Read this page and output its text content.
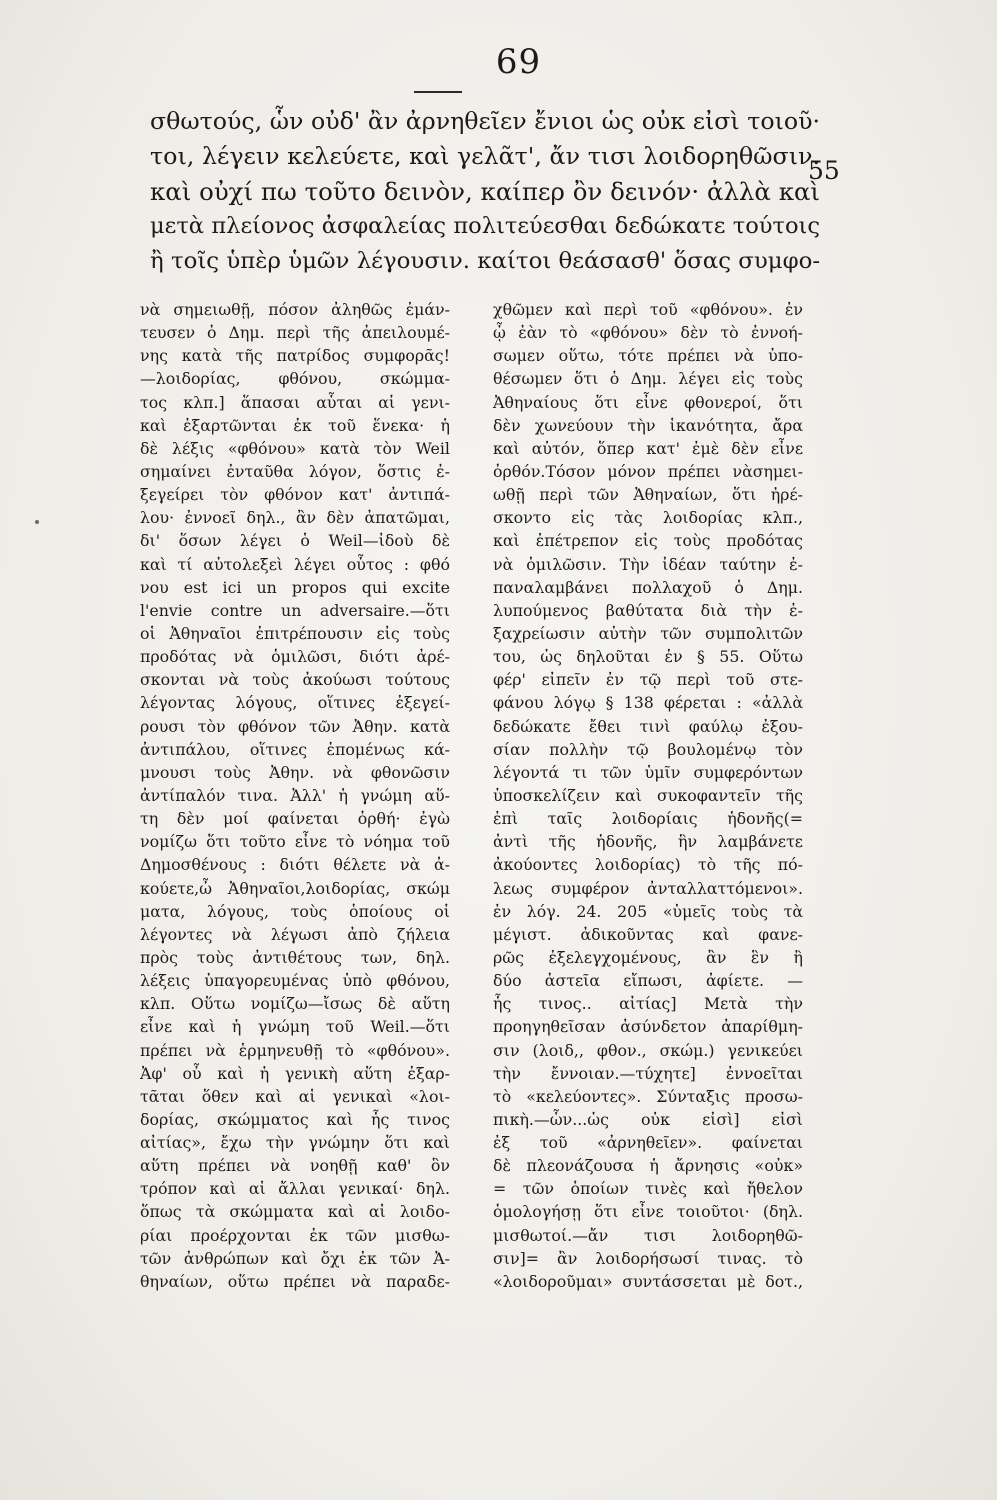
69
σθωτούς, ὧν οὐδ' ἂν ἀρνηθεῖεν ἔνιοι ὡς οὐκ εἰσὶ τοιοῦ·
τοι, λέγειν κελεύετε, καὶ γελᾶτ', ἄν τισι λοιδορηθῶσιν.
καὶ οὐχί πω τοῦτο δεινὸν, καίπερ ὂν δεινόν· ἀλλὰ καὶ
μετὰ πλείονος ἀσφαλείας πολιτεύεσθαι δεδώκατε τούτοις
ἢ τοῖς ὑπὲρ ὑμῶν λέγουσιν. καίτοι θεάσασθ' ὅσας συμφο-
55
νὰ σημειωθῇ, πόσον ἀληθῶς ἐμάν-
τευσεν ὁ Δημ. περὶ τῆς ἀπειλουμέ-
νης κατὰ τῆς πατρίδος συμφορᾶς!
—λοιδορίας, φθόνου, σκώμμα-
τος κλπ.] ἅπασαι αὗται αἱ γενι-
καὶ ἐξαρτῶνται ἐκ τοῦ ἕνεκα· ἡ
δὲ λέξις «φθόνου» κατὰ τὸν Weil
σημαίνει ἐνταῦθα λόγον, ὅστις ἐ-
ξεγείρει τὸν φθόνον κατ' ἀντιπά-
λου· ἐννοεῖ δηλ., ἂν δὲν ἀπατῶμαι,
δι' ὅσων λέγει ὁ Weil—ἰδοὺ δὲ
καὶ τί αὐτολεξεὶ λέγει οὗτος : φθό
νου est ici un propos qui excite
l'envie contre un adversaire.—ὅτι
οἱ Ἀθηναῖοι ἐπιτρέπουσιν εἰς τοὺς
προδότας νὰ ὁμιλῶσι, διότι ἀρέ-
σκονται νὰ τοὺς ἀκούωσι τούτους
λέγοντας λόγους, οἵτινες ἐξεγεί-
ρουσι τὸν φθόνον τῶν Ἀθην. κατὰ
ἀντιπάλου, οἵτινες ἑπομένως κά-
μνουσι τοὺς Ἀθην. νὰ φθονῶσιν
ἀντίπαλόν τινα. Ἀλλ' ἡ γνώμη αὕ-
τη δὲν μοί φαίνεται ὀρθή· ἐγὼ
νομίζω ὅτι τοῦτο εἶνε τὸ νόημα τοῦ
Δημοσθένους : διότι θέλετε νὰ ἀ-
κούετε,ὦ Ἀθηναῖοι,λοιδορίας, σκώμ
ματα, λόγους, τοὺς ὁποίους οἱ
λέγοντες νὰ λέγωσι ἀπὸ ζήλεια
πρὸς τοὺς ἀντιθέτους των, δηλ.
λέξεις ὑπαγορευμένας ὑπὸ φθόνου,
κλπ. Οὕτω νομίζω—ἴσως δὲ αὕτη
εἶνε καὶ ἡ γνώμη τοῦ Weil.—ὅτι
πρέπει νὰ ἑρμηνευθῇ τὸ «φθόνου».
Ἀφ' οὗ καὶ ἡ γενικὴ αὕτη ἐξαρ-
τᾶται ὅθεν καὶ αἱ γενικαὶ «λοι-
δορίας, σκώμματος καὶ ἧς τινος
αἰτίας», ἔχω τὴν γνώμην ὅτι καὶ
αὕτη πρέπει νὰ νοηθῇ καθ' ὃν
τρόπον καὶ αἱ ἄλλαι γενικαί· δηλ.
ὅπως τὰ σκώμματα καὶ αἱ λοιδο-
ρίαι προέρχονται ἐκ τῶν μισθω-
τῶν ἀνθρώπων καὶ ὄχι ἐκ τῶν Ἀ-
θηναίων, οὕτω πρέπει νὰ παραδε-
χθῶμεν καὶ περὶ τοῦ «φθόνου». ἐν
ᾧ ἐὰν τὸ «φθόνου» δὲν τὸ ἐννοή-
σωμεν οὕτω, τότε πρέπει νὰ ὑπο-
θέσωμεν ὅτι ὁ Δημ. λέγει εἰς τοὺς
Ἀθηναίους ὅτι εἶνε φθονεροί, ὅτι
δὲν χωνεύουν τὴν ἱκανότητα, ἄρα
καὶ αὐτόν, ὅπερ κατ' ἐμὲ δὲν εἶνε
ὀρθόν.Τόσον μόνον πρέπει νὰσημει-
ωθῇ περὶ τῶν Ἀθηναίων, ὅτι ἠρέ-
σκοντο εἰς τὰς λοιδορίας κλπ.,
καὶ ἐπέτρεπον εἰς τοὺς προδότας
νὰ ὁμιλῶσιν. Τὴν ἰδέαν ταύτην ἐ-
παναλαμβάνει πολλαχοῦ ὁ Δημ.
λυπούμενος βαθύτατα διὰ τὴν ἐ-
ξαχρείωσιν αὐτὴν τῶν συμπολιτῶν
του, ὡς δηλοῦται ἐν § 55. Οὕτω
φέρ' εἰπεῖν ἐν τῷ περὶ τοῦ στε-
φάνου λόγῳ § 138 φέρεται : «ἀλλὰ
δεδώκατε ἔθει τινὶ φαύλῳ ἐξου-
σίαν πολλὴν τῷ βουλομένῳ τὸν
λέγοντά τι τῶν ὑμῖν συμφερόντων
ὑποσκελίζειν καὶ συκοφαντεῖν τῆς
ἐπὶ ταῖς λοιδορίαις ἡδονῆς(=
ἀντὶ τῆς ἡδονῆς, ἣν λαμβάνετε
ἀκούοντες λοιδορίας) τὸ τῆς πό-
λεως συμφέρον ἀνταλλαττόμενοι».
ἐν λόγ. 24. 205 «ὑμεῖς τοὺς τὰ
μέγιστ. ἀδικοῦντας καὶ φανε-
ρῶς ἐξελεγχομένους, ἂν ἓν ἢ
δύο ἀστεῖα εἴπωσι, ἀφίετε. —
ἧς τινος.. αἰτίας] Μετὰ τὴν
προηγηθεῖσαν ἀσύνδετον ἀπαρίθμη-
σιν (λοιδ,, φθον., σκώμ.) γενικεύει
τὴν ἔννοιαν.—τύχητε] ἐννοεῖται
τὸ «κελεύοντες». Σύνταξις προσω-
πικὴ.—ὧν...ὡς οὐκ εἰσὶ] εἰσὶ
ἐξ τοῦ «ἀρνηθεῖεν». φαίνεται
δὲ πλεονάζουσα ἡ ἄρνησις «οὐκ»
= τῶν ὁποίων τινὲς καὶ ἤθελον
ὁμολογήσῃ ὅτι εἶνε τοιοῦτοι· (δηλ.
μισθωτοί.—ἄν τισι λοιδορηθῶ-
σιν]= ἂν λοιδορήσωσί τινας. τὸ
«λοιδοροῦμαι» συντάσσεται μὲ δοτ.,
